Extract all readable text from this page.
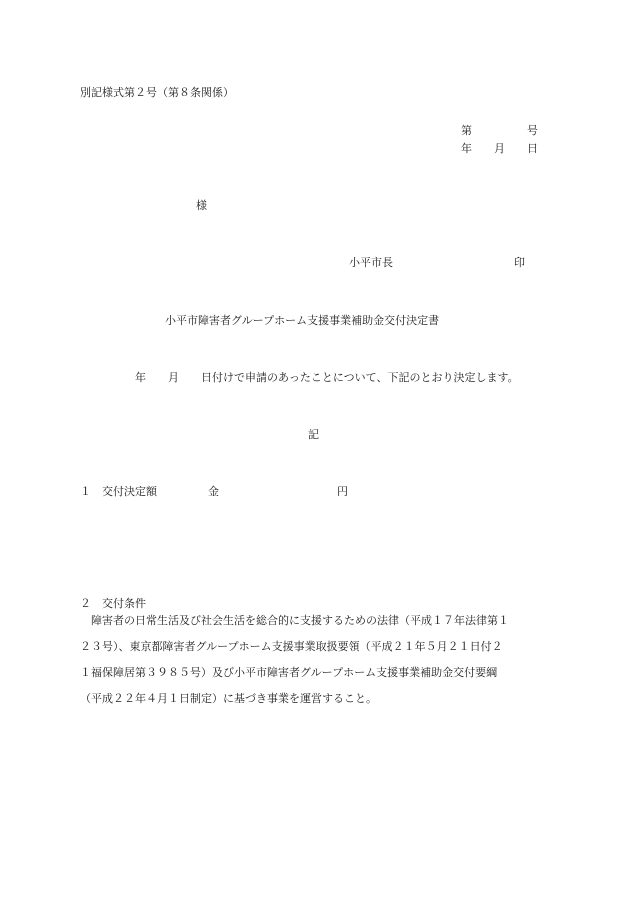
別記様式第２号（第８条関係）
第　　　　　号
年　　月　　日
様
小平市長　　　　　　　　　　　印
小平市障害者グループホーム支援事業補助金交付決定書
年　　月　　日付けで申請のあったことについて、下記のとおり決定します。
記
１　交付決定額	金	円
２　交付条件
　障害者の日常生活及び社会生活を総合的に支援するための法律（平成１７年法律第１
２３号）、東京都障害者グループホーム支援事業取扱要領（平成２１年５月２１日付２
１福保障居第３９８５号）及び小平市障害者グループホーム支援事業補助金交付要綱
（平成２２年４月１日制定）に基づき事業を運営すること。
